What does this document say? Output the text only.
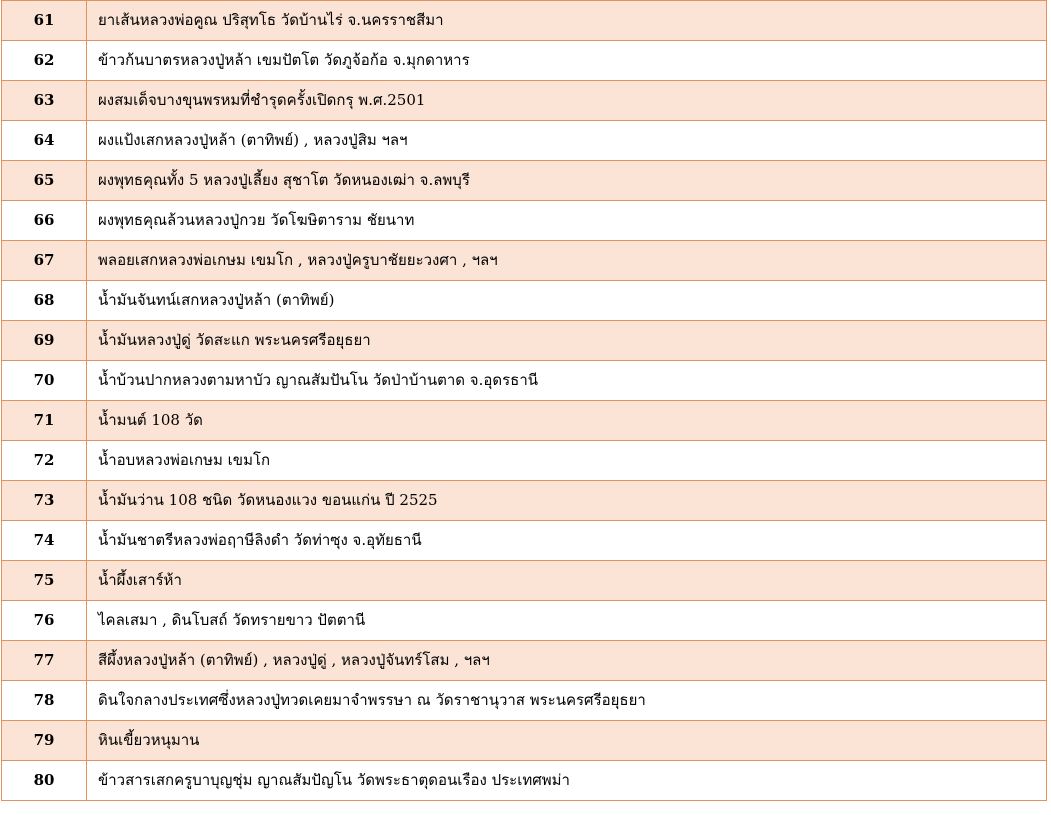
61	ยาเส้นหลวงพ่อคูณ ปริสุทโธ วัดบ้านไร่ จ.นครราชสีมา
62	ข้าวก้นบาตรหลวงปู่หล้า เขมปัตโต วัดภูจ้อก้อ จ.มุกดาหาร
63	ผงสมเด็จบางขุนพรหมที่ชำรุดครั้งเปิดกรุ พ.ศ.2501
64	ผงแป้งเสกหลวงปู่หล้า (ตาทิพย์) , หลวงปู่สิม ฯลฯ
65	ผงพุทธคุณทั้ง 5 หลวงปู่เลี้ยง สุชาโต วัดหนองเฒ่า จ.ลพบุรี
66	ผงพุทธคุณล้วนหลวงปู่กวย วัดโฆษิตาราม ชัยนาท
67	พลอยเสกหลวงพ่อเกษม เขมโก , หลวงปู่ครูบาชัยยะวงศา , ฯลฯ
68	น้ำมันจันทน์เสกหลวงปู่หล้า (ตาทิพย์)
69	น้ำมันหลวงปู่ดู่ วัดสะแก พระนครศรีอยุธยา
70	น้ำบ้วนปากหลวงตามหาบัว ญาณสัมปันโน วัดป่าบ้านตาด จ.อุดรธานี
71	น้ำมนต์ 108 วัด
72	น้ำอบหลวงพ่อเกษม เขมโก
73	น้ำมันว่าน 108 ชนิด วัดหนองแวง ขอนแก่น ปี 2525
74	น้ำมันชาตรีหลวงพ่อฤาษีลิงดำ วัดท่าซุง จ.อุทัยธานี
75	น้ำผึ้งเสาร์ห้า
76	ไคลเสมา , ดินโบสถ์ วัดทรายขาว ปัตตานี
77	สีผึ้งหลวงปู่หล้า (ตาทิพย์) , หลวงปู่ดู่ , หลวงปู่จันทร์โสม , ฯลฯ
78	ดินใจกลางประเทศซึ่งหลวงปู่ทวดเคยมาจำพรรษา ณ วัดราชานุวาส พระนครศรีอยุธยา
79	หินเขี้ยวหนุมาน
80	ข้าวสารเสกครูบาบุญชุ่ม ญาณสัมปัญโน วัดพระธาตุดอนเรือง ประเทศพม่า
